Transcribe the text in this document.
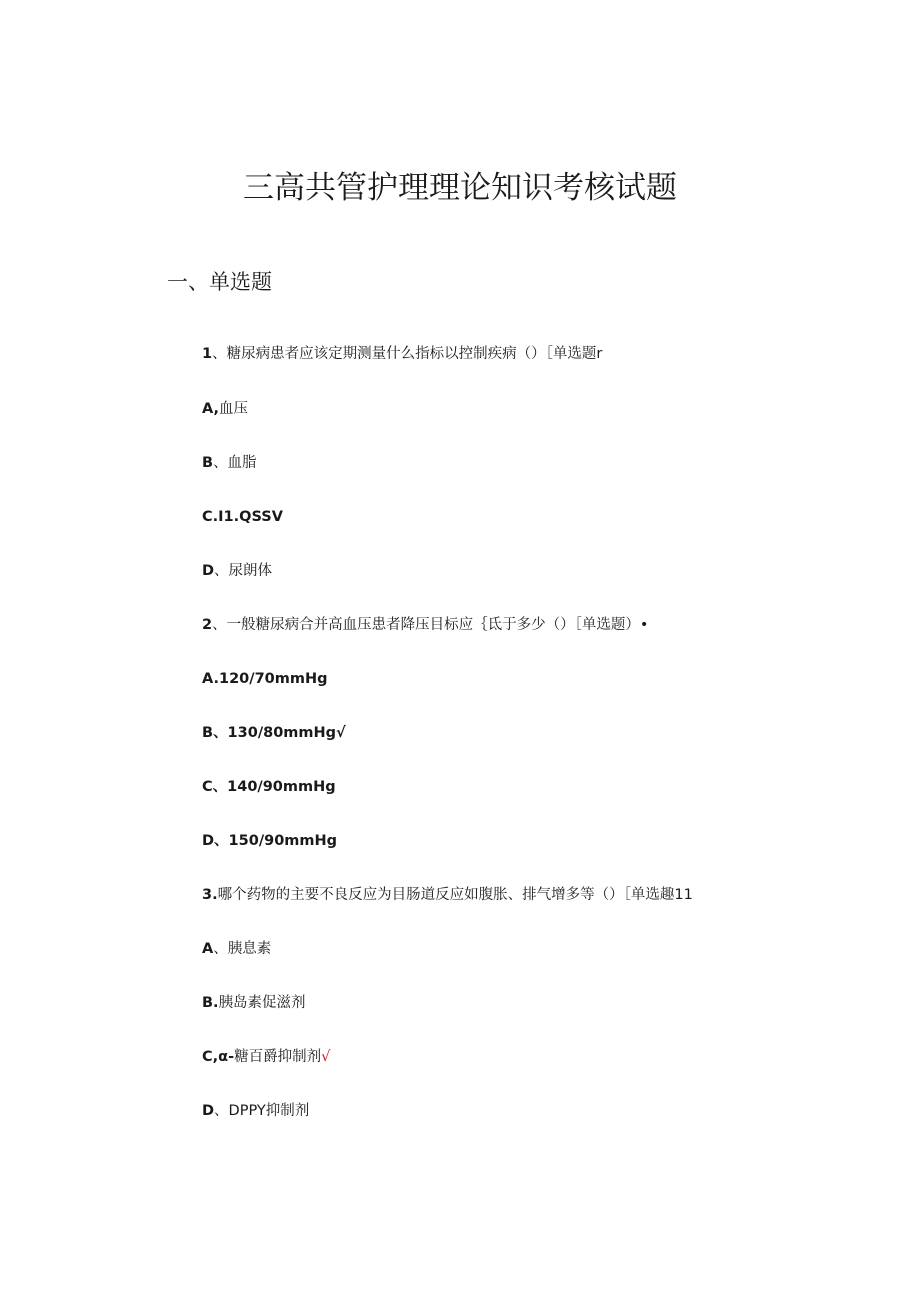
三高共管护理理论知识考核试题
一、单选题

1、糖尿病患者应该定期测量什么指标以控制疾病（）［单选题r

A,血压

B、血脂

C.I1.QSSV

D、尿朗体

2、一般糖尿病合并高血压患者降压目标应｛氐于多少（）［单选题）•

A.120/70mmHg

B、130/80mmHg√

C、140/90mmHg

D、150/90mmHg

3.哪个药物的主要不良反应为目肠道反应如腹胀、排气增多等（）［单选趣11

A、胰息素

B.胰岛素促滋剂

C,α-糖百爵抑制剂√

D、DPPY抑制剂
